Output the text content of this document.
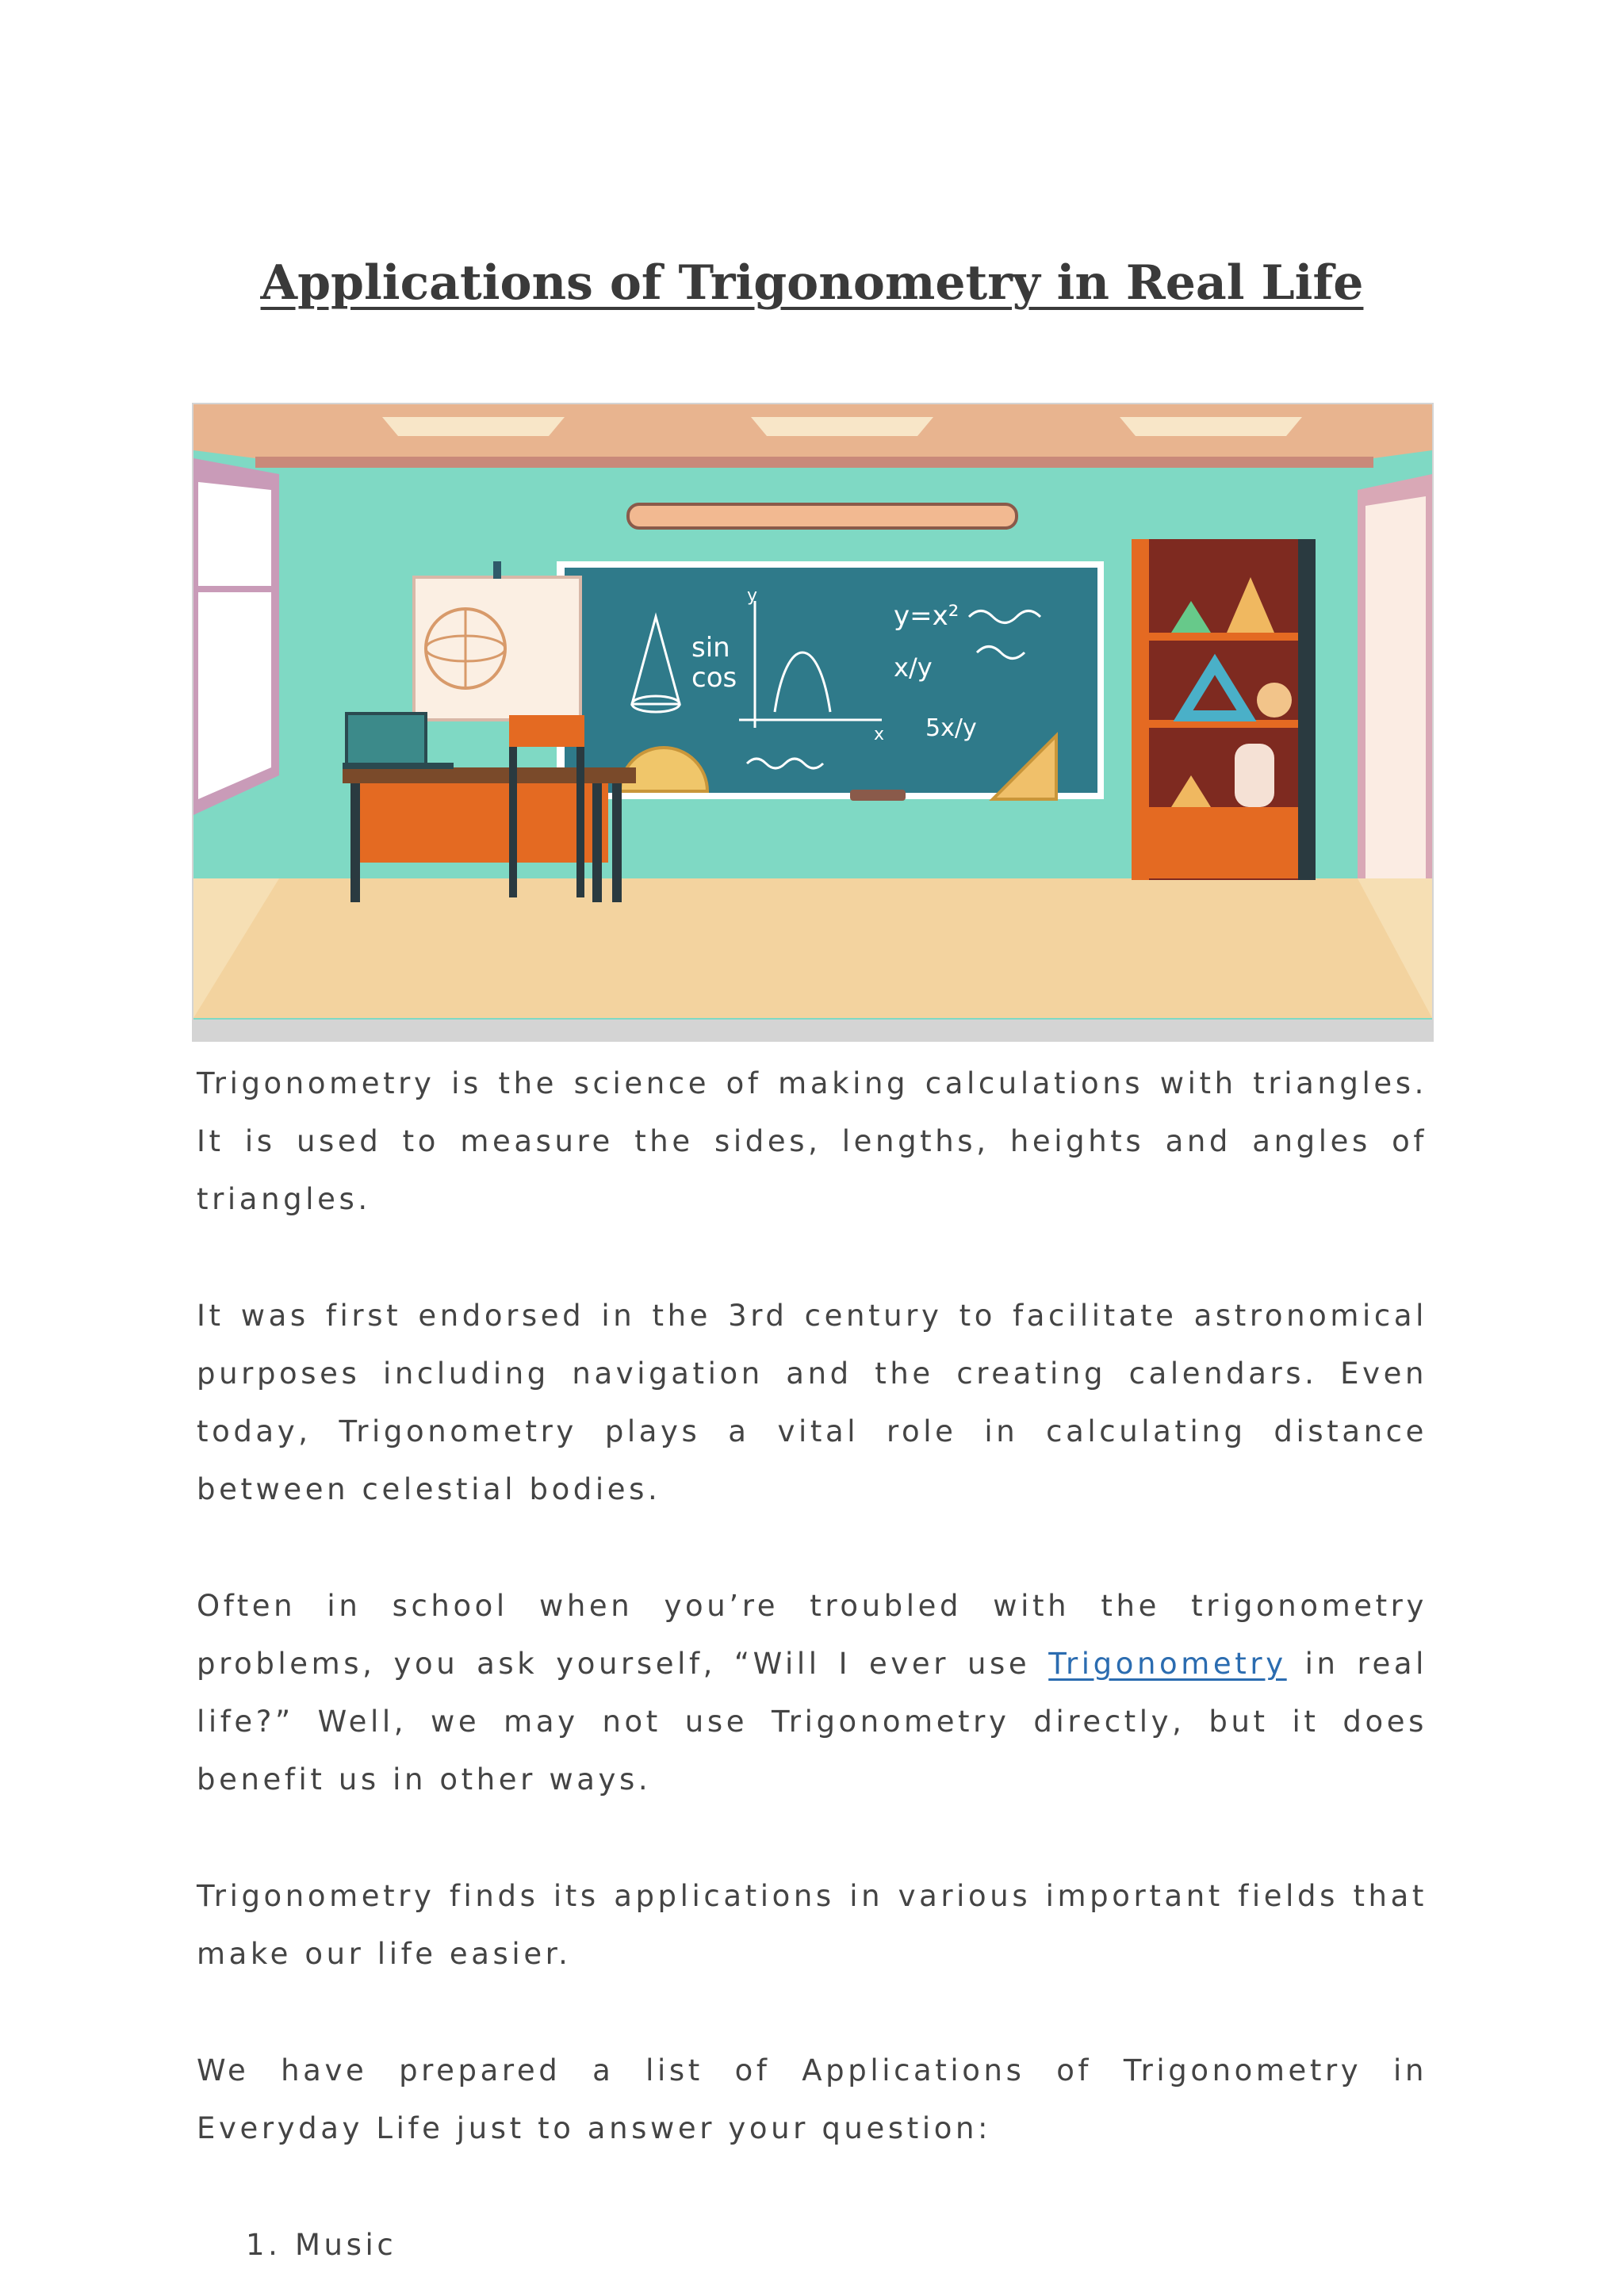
Applications of Trigonometry in Real Life
sin
cos
y
x
y=x²
x/y
5x/y

Trigonometry is the science of making calculations with triangles. It is used to measure the sides, lengths, heights and angles of triangles.

It was first endorsed in the 3rd century to facilitate astronomical purposes including navigation and the creating calendars. Even today, Trigonometry plays a vital role in calculating distance between celestial bodies.

Often in school when you’re troubled with the trigonometry problems, you ask yourself, “Will I ever use Trigonometry in real life?” Well, we may not use Trigonometry directly, but it does benefit us in other ways.

Trigonometry finds its applications in various important fields that make our life easier.

We have prepared a list of Applications of Trigonometry in Everyday Life just to answer your question:

1. Music
